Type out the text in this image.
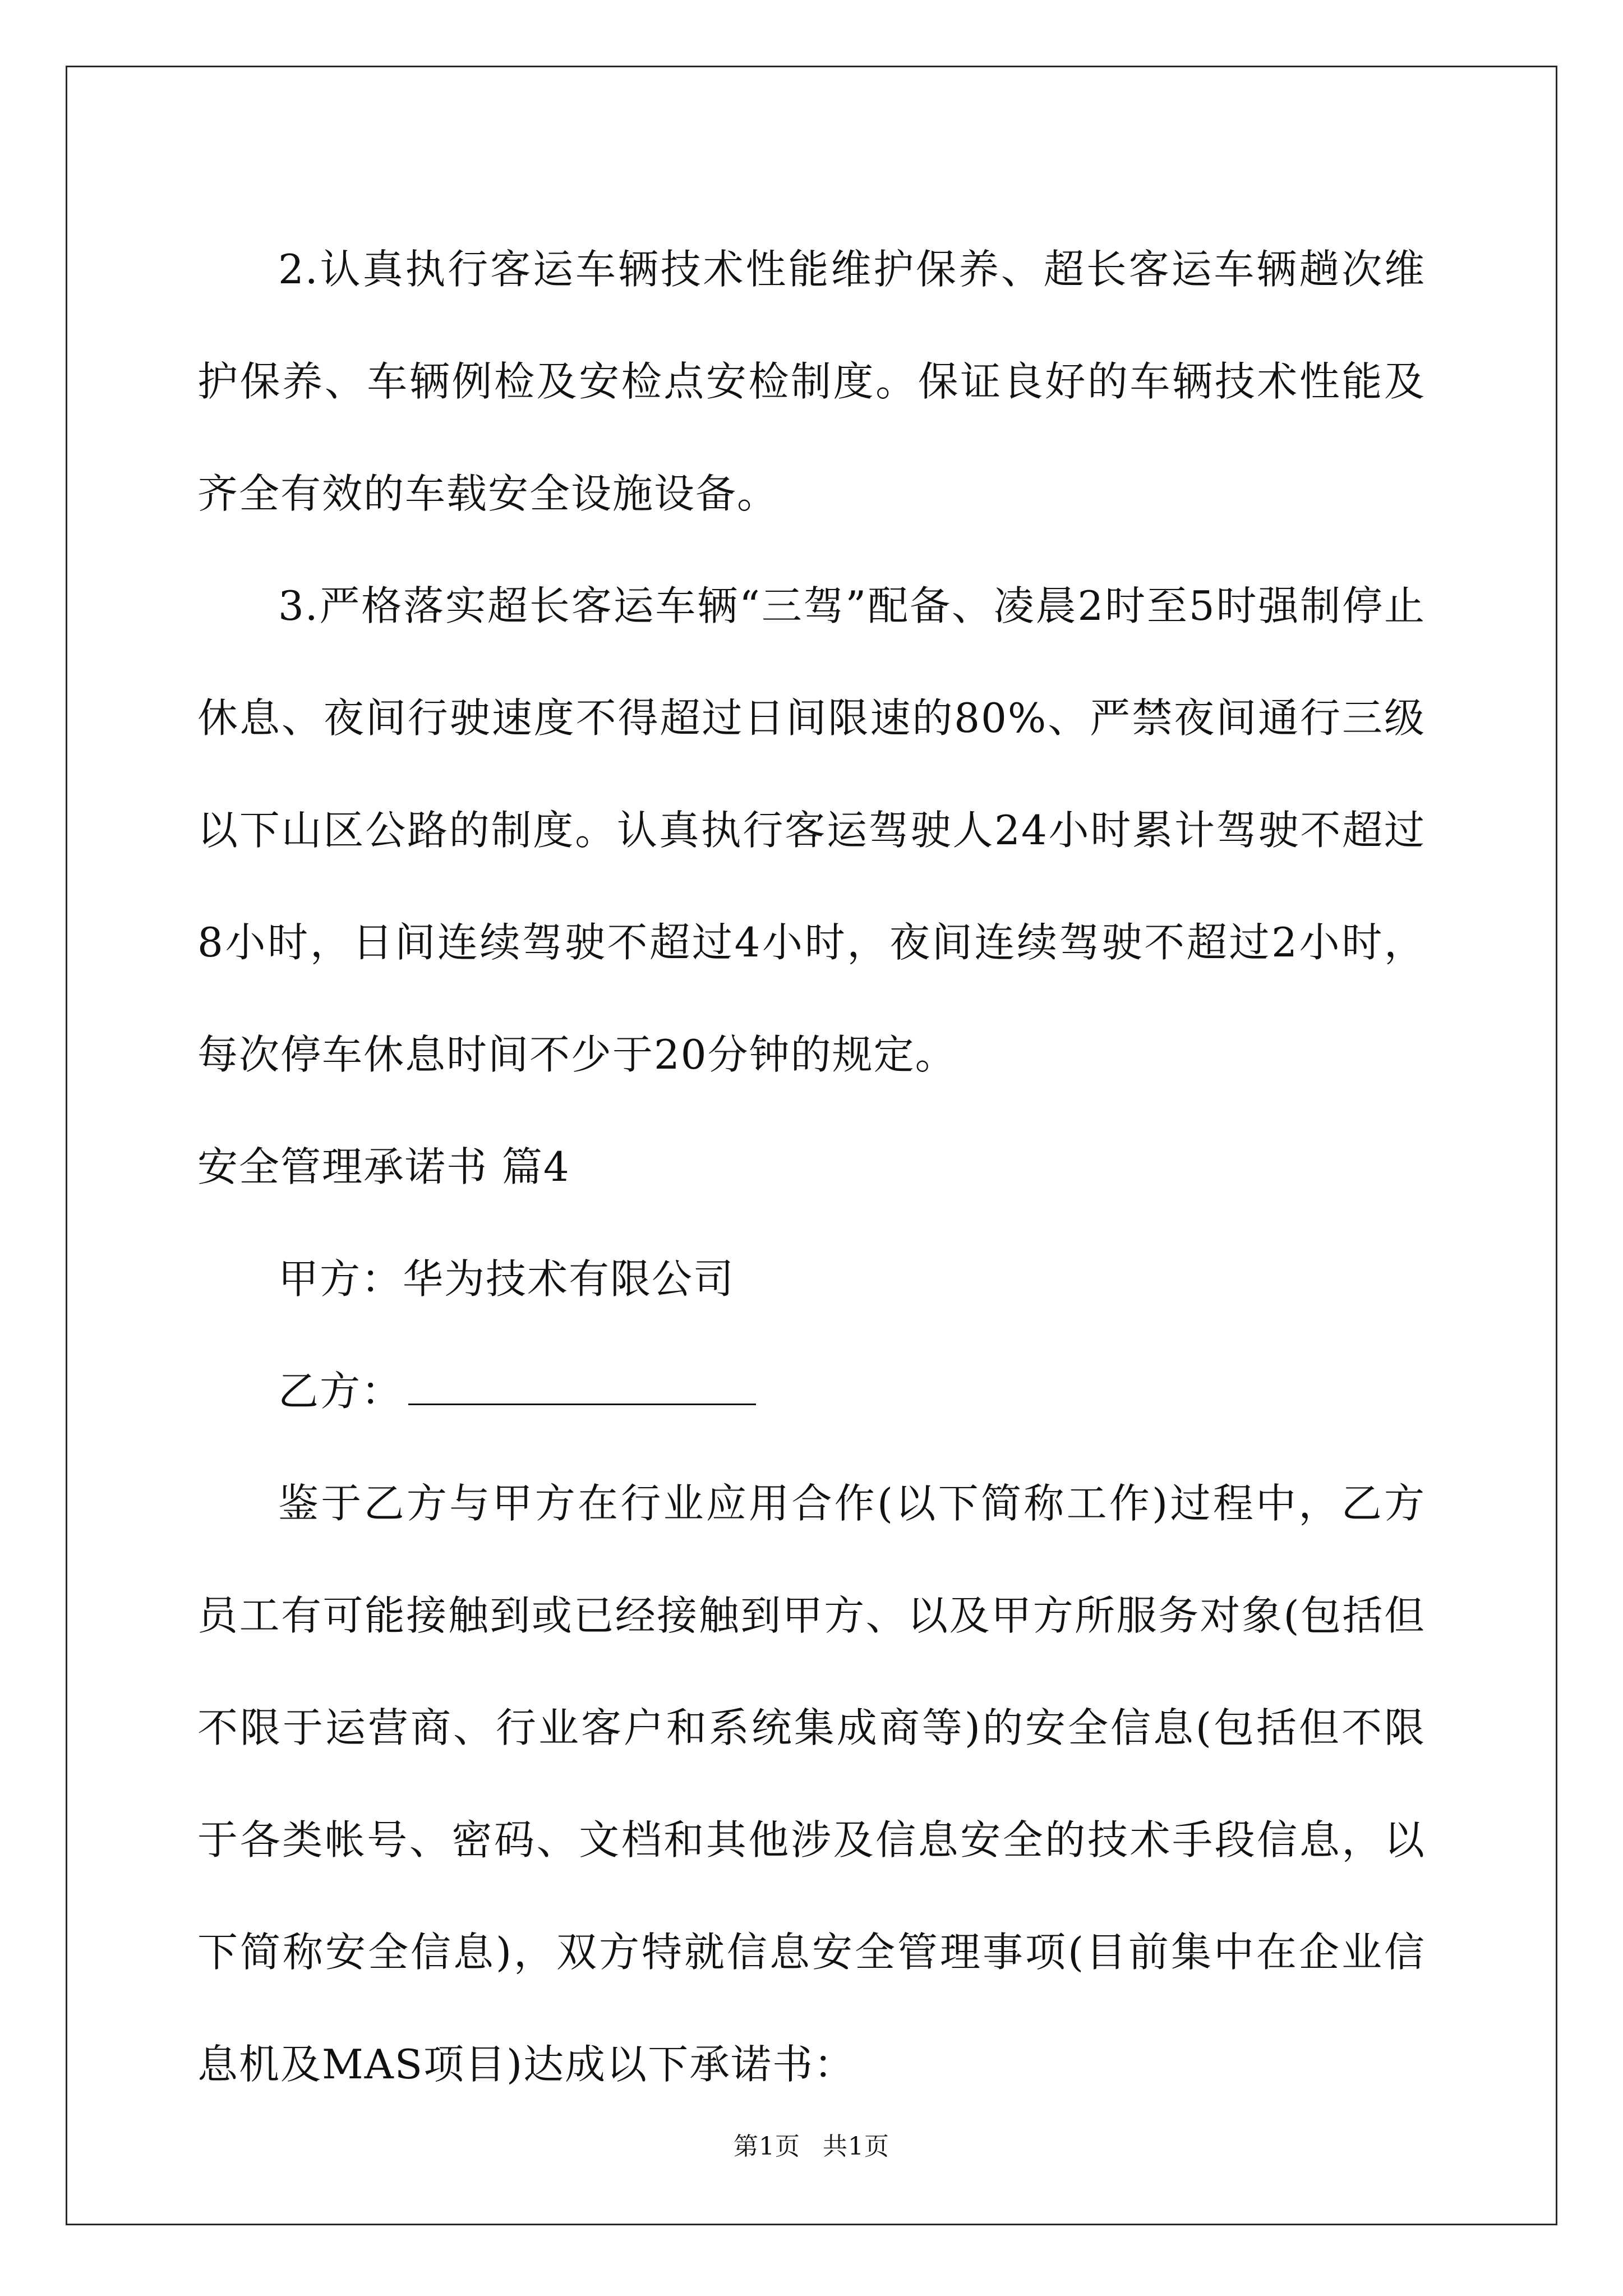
2.认真执行客运车辆技术性能维护保养、超长客运车辆趟次维护保养、车辆例检及安检点安检制度。保证良好的车辆技术性能及齐全有效的车载安全设施设备。

3.严格落实超长客运车辆“三驾”配备、凌晨2时至5时强制停止休息、夜间行驶速度不得超过日间限速的80%、严禁夜间通行三级以下山区公路的制度。认真执行客运驾驶人24小时累计驾驶不超过8小时，日间连续驾驶不超过4小时，夜间连续驾驶不超过2小时，每次停车休息时间不少于20分钟的规定。

安全管理承诺书 篇4

甲方：华为技术有限公司

乙方：

鉴于乙方与甲方在行业应用合作(以下简称工作)过程中，乙方员工有可能接触到或已经接触到甲方、以及甲方所服务对象(包括但不限于运营商、行业客户和系统集成商等)的安全信息(包括但不限于各类帐号、密码、文档和其他涉及信息安全的技术手段信息，以下简称安全信息)，双方特就信息安全管理事项(目前集中在企业信息机及MAS项目)达成以下承诺书：

第1页 共1页
